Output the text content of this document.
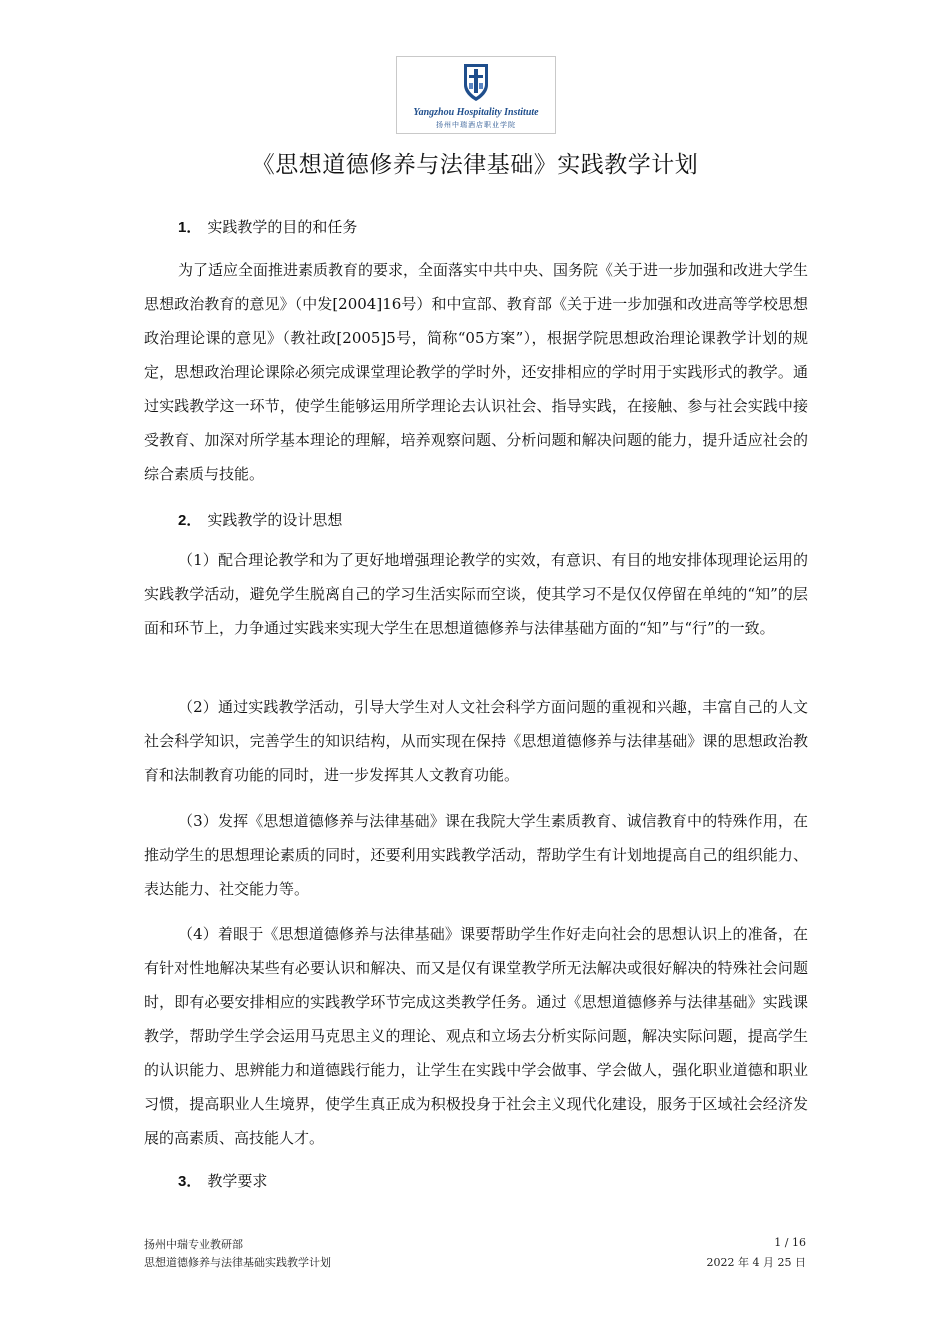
Yangzhou Hospitality Institute
扬州中瑞酒店职业学院
《思想道德修养与法律基础》实践教学计划
1． 实践教学的目的和任务
为了适应全面推进素质教育的要求，全面落实中共中央、国务院《关于进一步加强和改进大学生思想政治教育的意见》（中发[2004]16号）和中宣部、教育部《关于进一步加强和改进高等学校思想政治理论课的意见》（教社政[2005]5号，简称“05方案”），根据学院思想政治理论课教学计划的规定，思想政治理论课除必须完成课堂理论教学的学时外，还安排相应的学时用于实践形式的教学。通过实践教学这一环节，使学生能够运用所学理论去认识社会、指导实践，在接触、参与社会实践中接受教育、加深对所学基本理论的理解，培养观察问题、分析问题和解决问题的能力，提升适应社会的综合素质与技能。
2． 实践教学的设计思想
（1）配合理论教学和为了更好地增强理论教学的实效，有意识、有目的地安排体现理论运用的实践教学活动，避免学生脱离自己的学习生活实际而空谈，使其学习不是仅仅停留在单纯的“知”的层面和环节上，力争通过实践来实现大学生在思想道德修养与法律基础方面的“知”与“行”的一致。
（2）通过实践教学活动，引导大学生对人文社会科学方面问题的重视和兴趣，丰富自己的人文社会科学知识，完善学生的知识结构，从而实现在保持《思想道德修养与法律基础》课的思想政治教育和法制教育功能的同时，进一步发挥其人文教育功能。
（3）发挥《思想道德修养与法律基础》课在我院大学生素质教育、诚信教育中的特殊作用，在推动学生的思想理论素质的同时，还要利用实践教学活动，帮助学生有计划地提高自己的组织能力、表达能力、社交能力等。
（4）着眼于《思想道德修养与法律基础》课要帮助学生作好走向社会的思想认识上的准备，在有针对性地解决某些有必要认识和解决、而又是仅有课堂教学所无法解决或很好解决的特殊社会问题时，即有必要安排相应的实践教学环节完成这类教学任务。通过《思想道德修养与法律基础》实践课教学，帮助学生学会运用马克思主义的理论、观点和立场去分析实际问题，解决实际问题，提高学生的认识能力、思辨能力和道德践行能力，让学生在实践中学会做事、学会做人，强化职业道德和职业习惯，提高职业人生境界，使学生真正成为积极投身于社会主义现代化建设，服务于区域社会经济发展的高素质、高技能人才。
3． 教学要求
扬州中瑞专业教研部
思想道德修养与法律基础实践教学计划
1 / 16
2022 年 4 月 25 日
